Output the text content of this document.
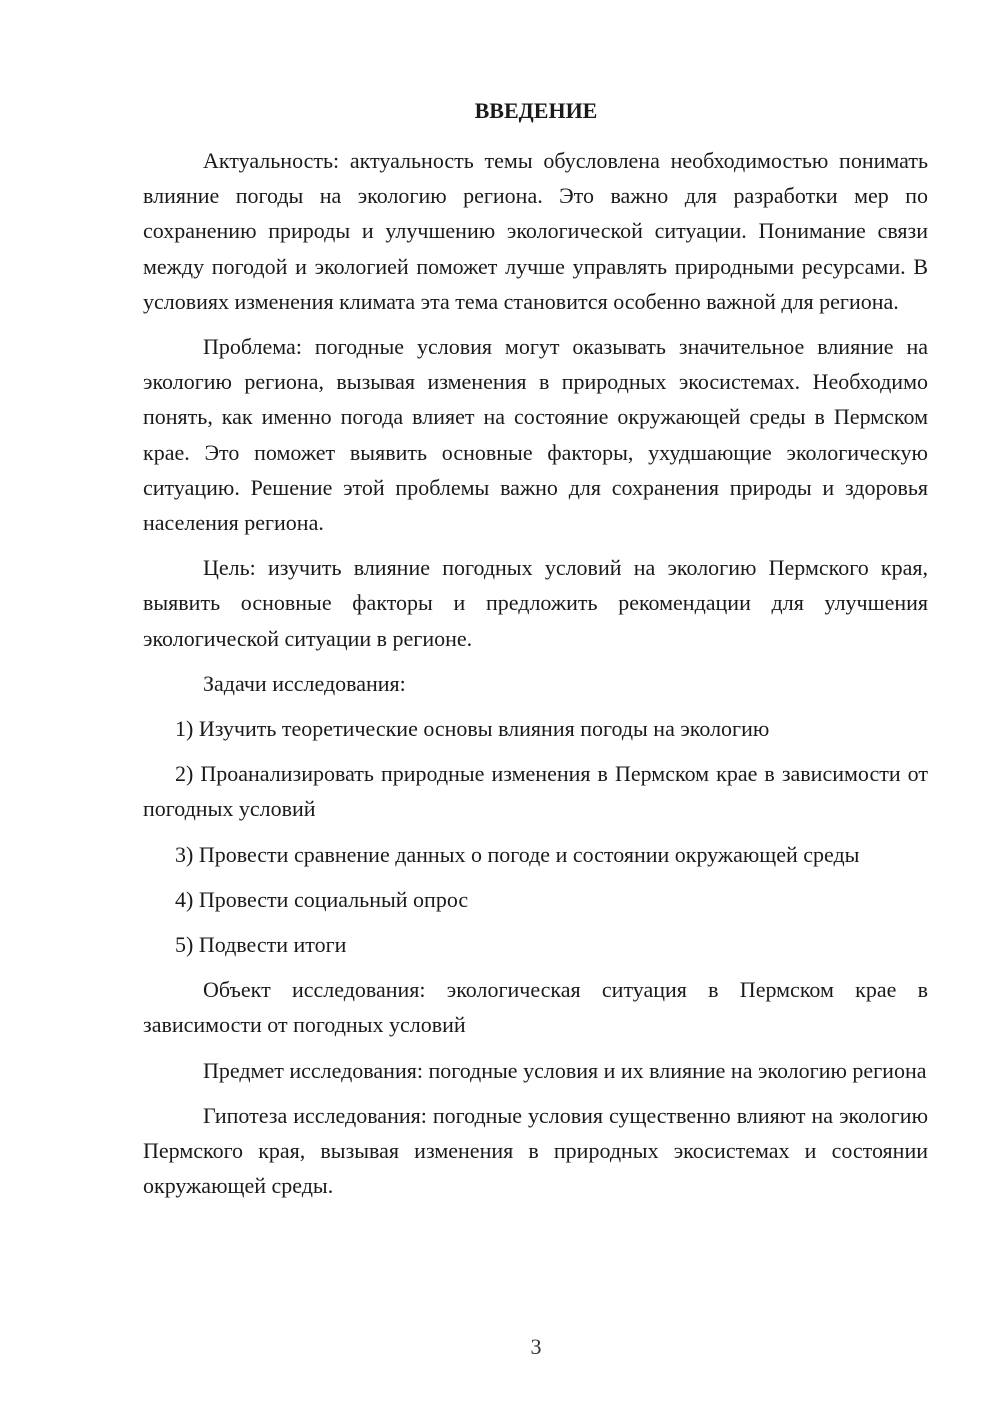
ВВЕДЕНИЕ

Актуальность: актуальность темы обусловлена необходимостью понимать влияние погоды на экологию региона. Это важно для разработки мер по сохранению природы и улучшению экологической ситуации. Понимание связи между погодой и экологией поможет лучше управлять природными ресурсами. В условиях изменения климата эта тема становится особенно важной для региона.

Проблема: погодные условия могут оказывать значительное влияние на экологию региона, вызывая изменения в природных экосистемах. Необходимо понять, как именно погода влияет на состояние окружающей среды в Пермском крае. Это поможет выявить основные факторы, ухудшающие экологическую ситуацию. Решение этой проблемы важно для сохранения природы и здоровья населения региона.

Цель: изучить влияние погодных условий на экологию Пермского края, выявить основные факторы и предложить рекомендации для улучшения экологической ситуации в регионе.

Задачи исследования:

1) Изучить теоретические основы влияния погоды на экологию

2) Проанализировать природные изменения в Пермском крае в зависимости от погодных условий

3) Провести сравнение данных о погоде и состоянии окружающей среды

4) Провести социальный опрос

5) Подвести итоги

Объект исследования: экологическая ситуация в Пермском крае в зависимости от погодных условий

Предмет исследования: погодные условия и их влияние на экологию региона

Гипотеза исследования: погодные условия существенно влияют на экологию Пермского края, вызывая изменения в природных экосистемах и состоянии окружающей среды.

3
